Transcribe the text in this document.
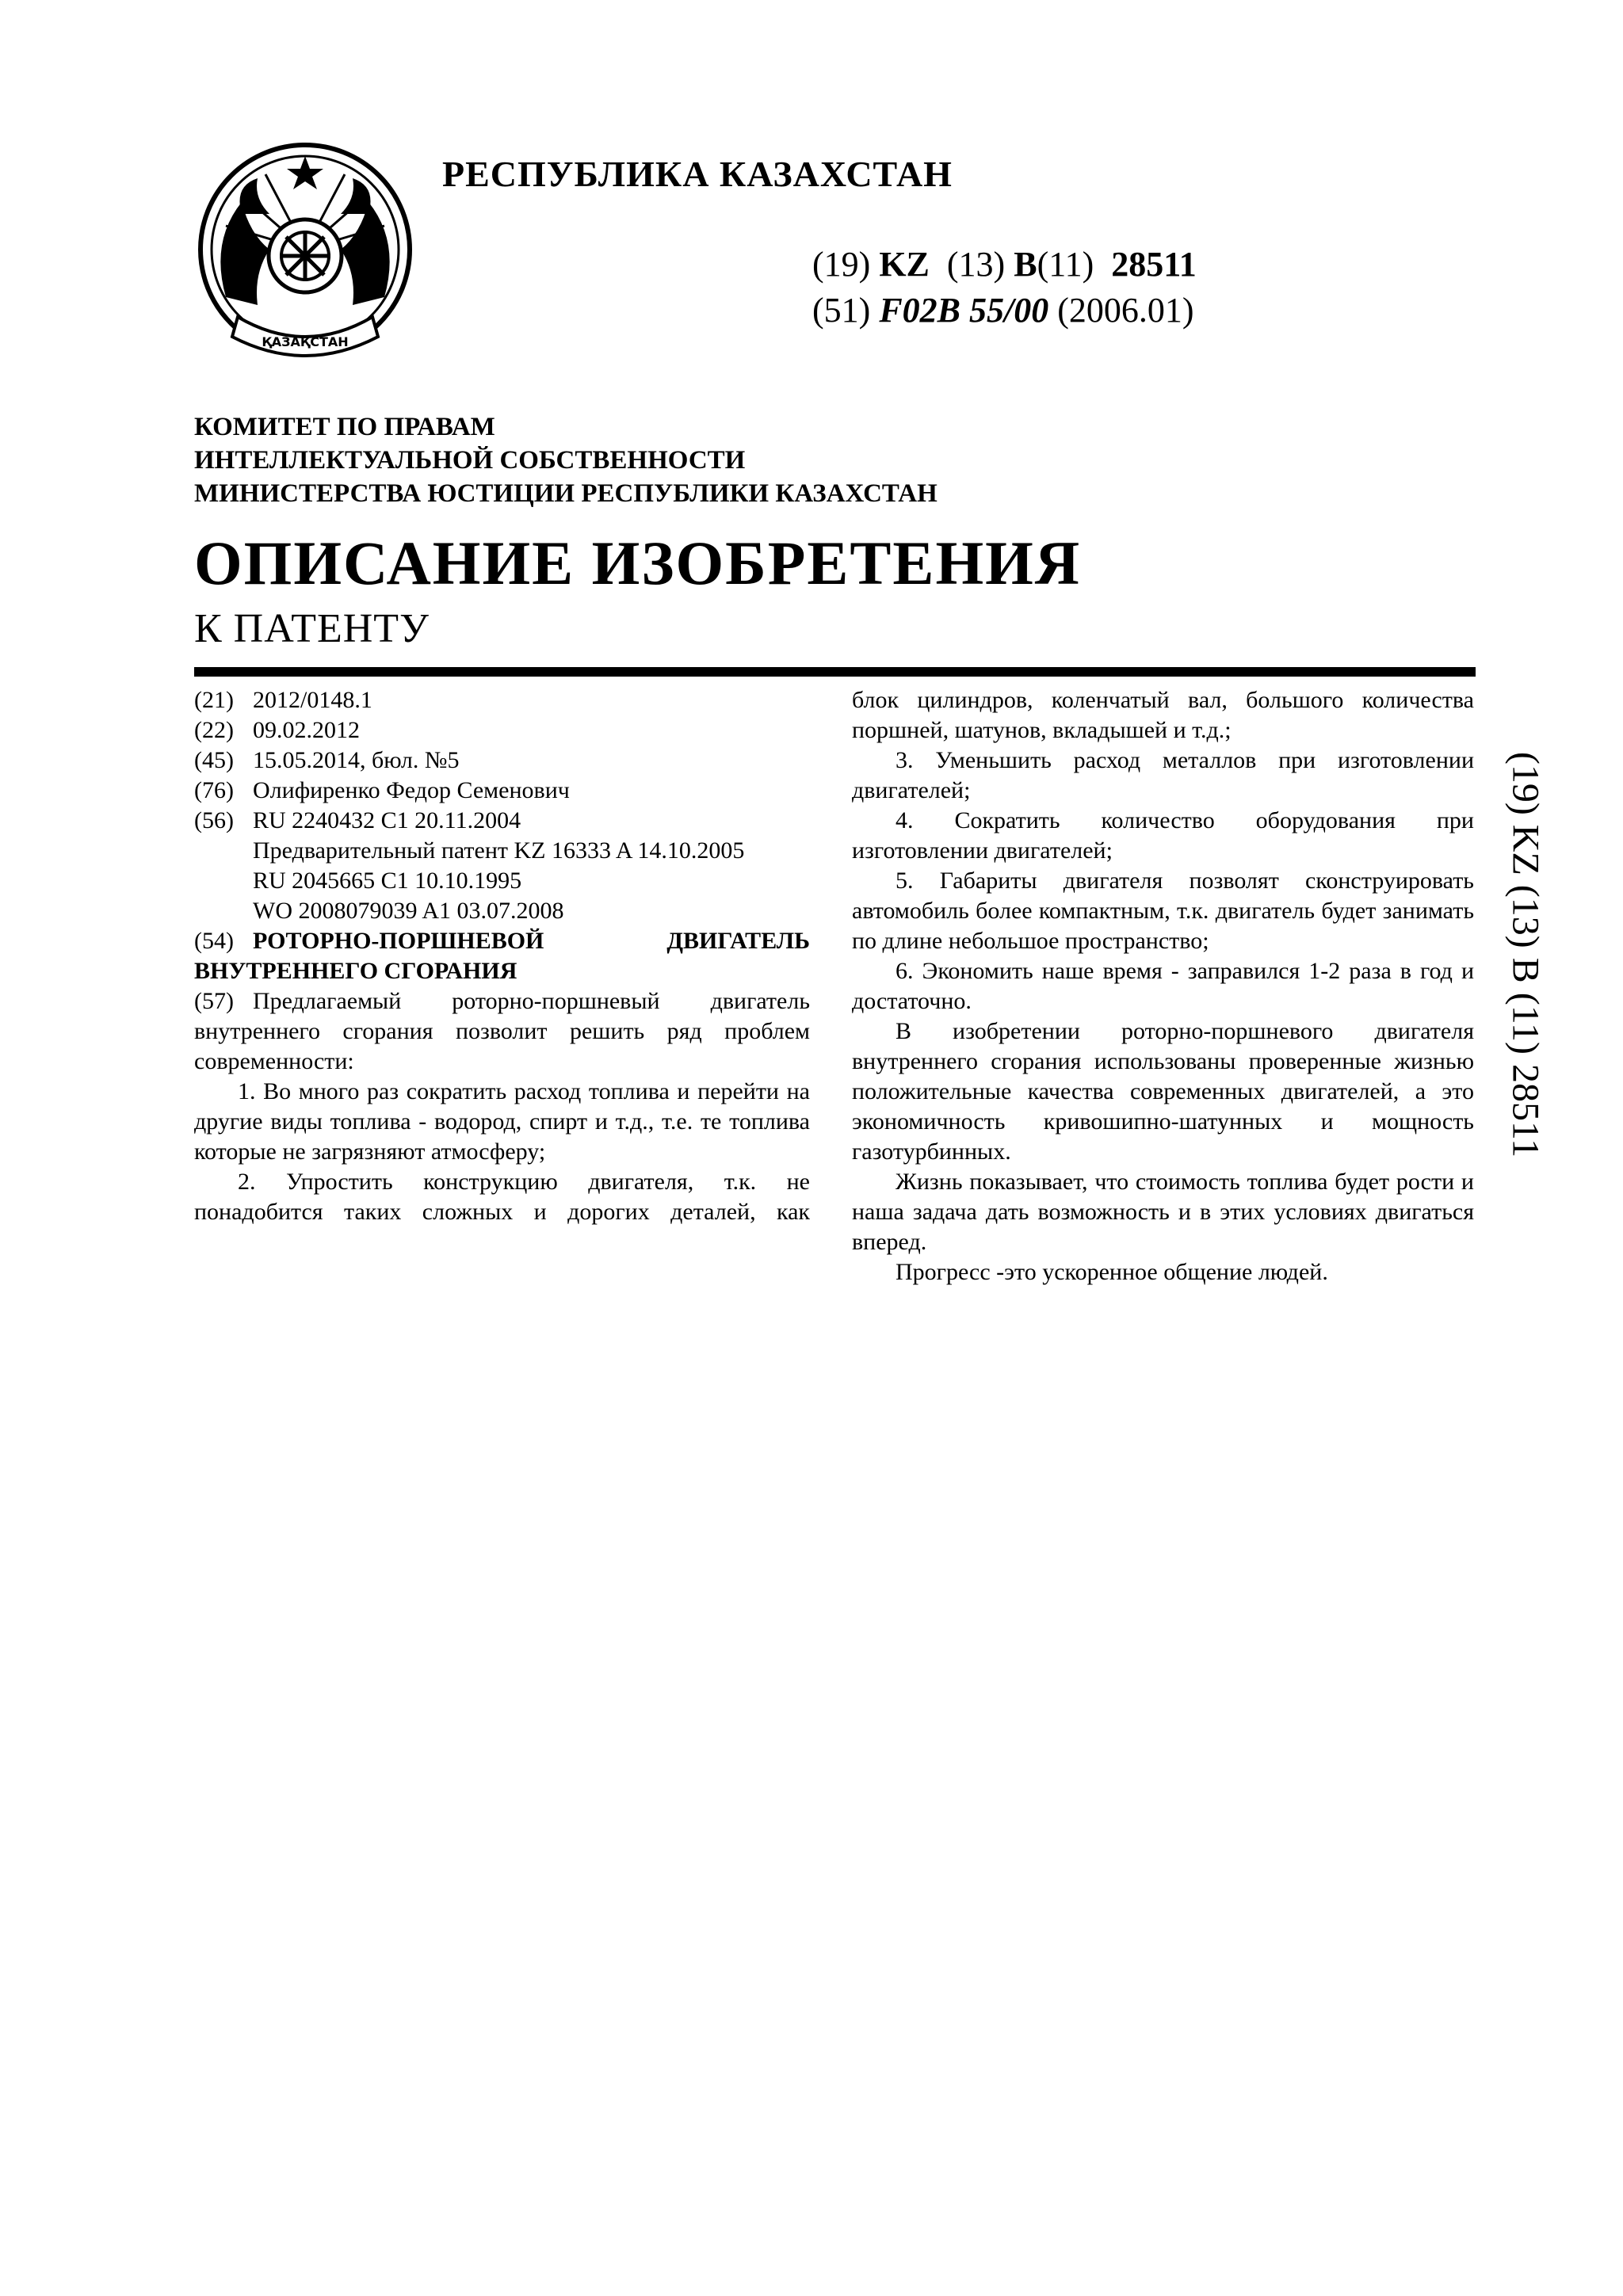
ҚАЗАҚСТАН
РЕСПУБЛИКА КАЗАХСТАН
(19) KZ (13) B(11) 28511
(51) F02B 55/00 (2006.01)
КОМИТЕТ ПО ПРАВАМ
ИНТЕЛЛЕКТУАЛЬНОЙ СОБСТВЕННОСТИ
МИНИСТЕРСТВА ЮСТИЦИИ РЕСПУБЛИКИ КАЗАХСТАН
ОПИСАНИЕ ИЗОБРЕТЕНИЯ
К ПАТЕНТУ
(21) 2012/0148.1
(22) 09.02.2012
(45) 15.05.2014, бюл. №5
(76) Олифиренко Федор Семенович
(56) RU 2240432 C1 20.11.2004
Предварительный патент KZ 16333 A 14.10.2005
RU 2045665 C1 10.10.1995
WO 2008079039 A1 03.07.2008
(54) РОТОРНО-ПОРШНЕВОЙ ДВИГАТЕЛЬ
ВНУТРЕННЕГО СГОРАНИЯ
(57) Предлагаемый роторно-поршневый двигатель
внутреннего сгорания позволит решить ряд проблем современности:

1. Во много раз сократить расход топлива и перейти на другие виды топлива - водород, спирт и т.д., т.е. те топлива которые не загрязняют атмосферу;

2. Упростить конструкцию двигателя, т.к. не понадобится таких сложных и дорогих деталей, как

блок цилиндров, коленчатый вал, большого количества поршней, шатунов, вкладышей и т.д.;

3. Уменьшить расход металлов при изготовлении двигателей;

4. Сократить количество оборудования при изготовлении двигателей;

5. Габариты двигателя позволят сконструировать автомобиль более компактным, т.к. двигатель будет занимать по длине небольшое пространство;

6. Экономить наше время - заправился 1-2 раза в год и достаточно.

В изобретении роторно-поршневого двигателя внутреннего сгорания использованы проверенные жизнью положительные качества современных двигателей, а это экономичность кривошипно-шатунных и мощность газотурбинных.

Жизнь показывает, что стоимость топлива будет рости и наша задача дать возможность и в этих условиях двигаться вперед.

Прогресс -это ускоренное общение людей.

(19) KZ (13) B (11) 28511
